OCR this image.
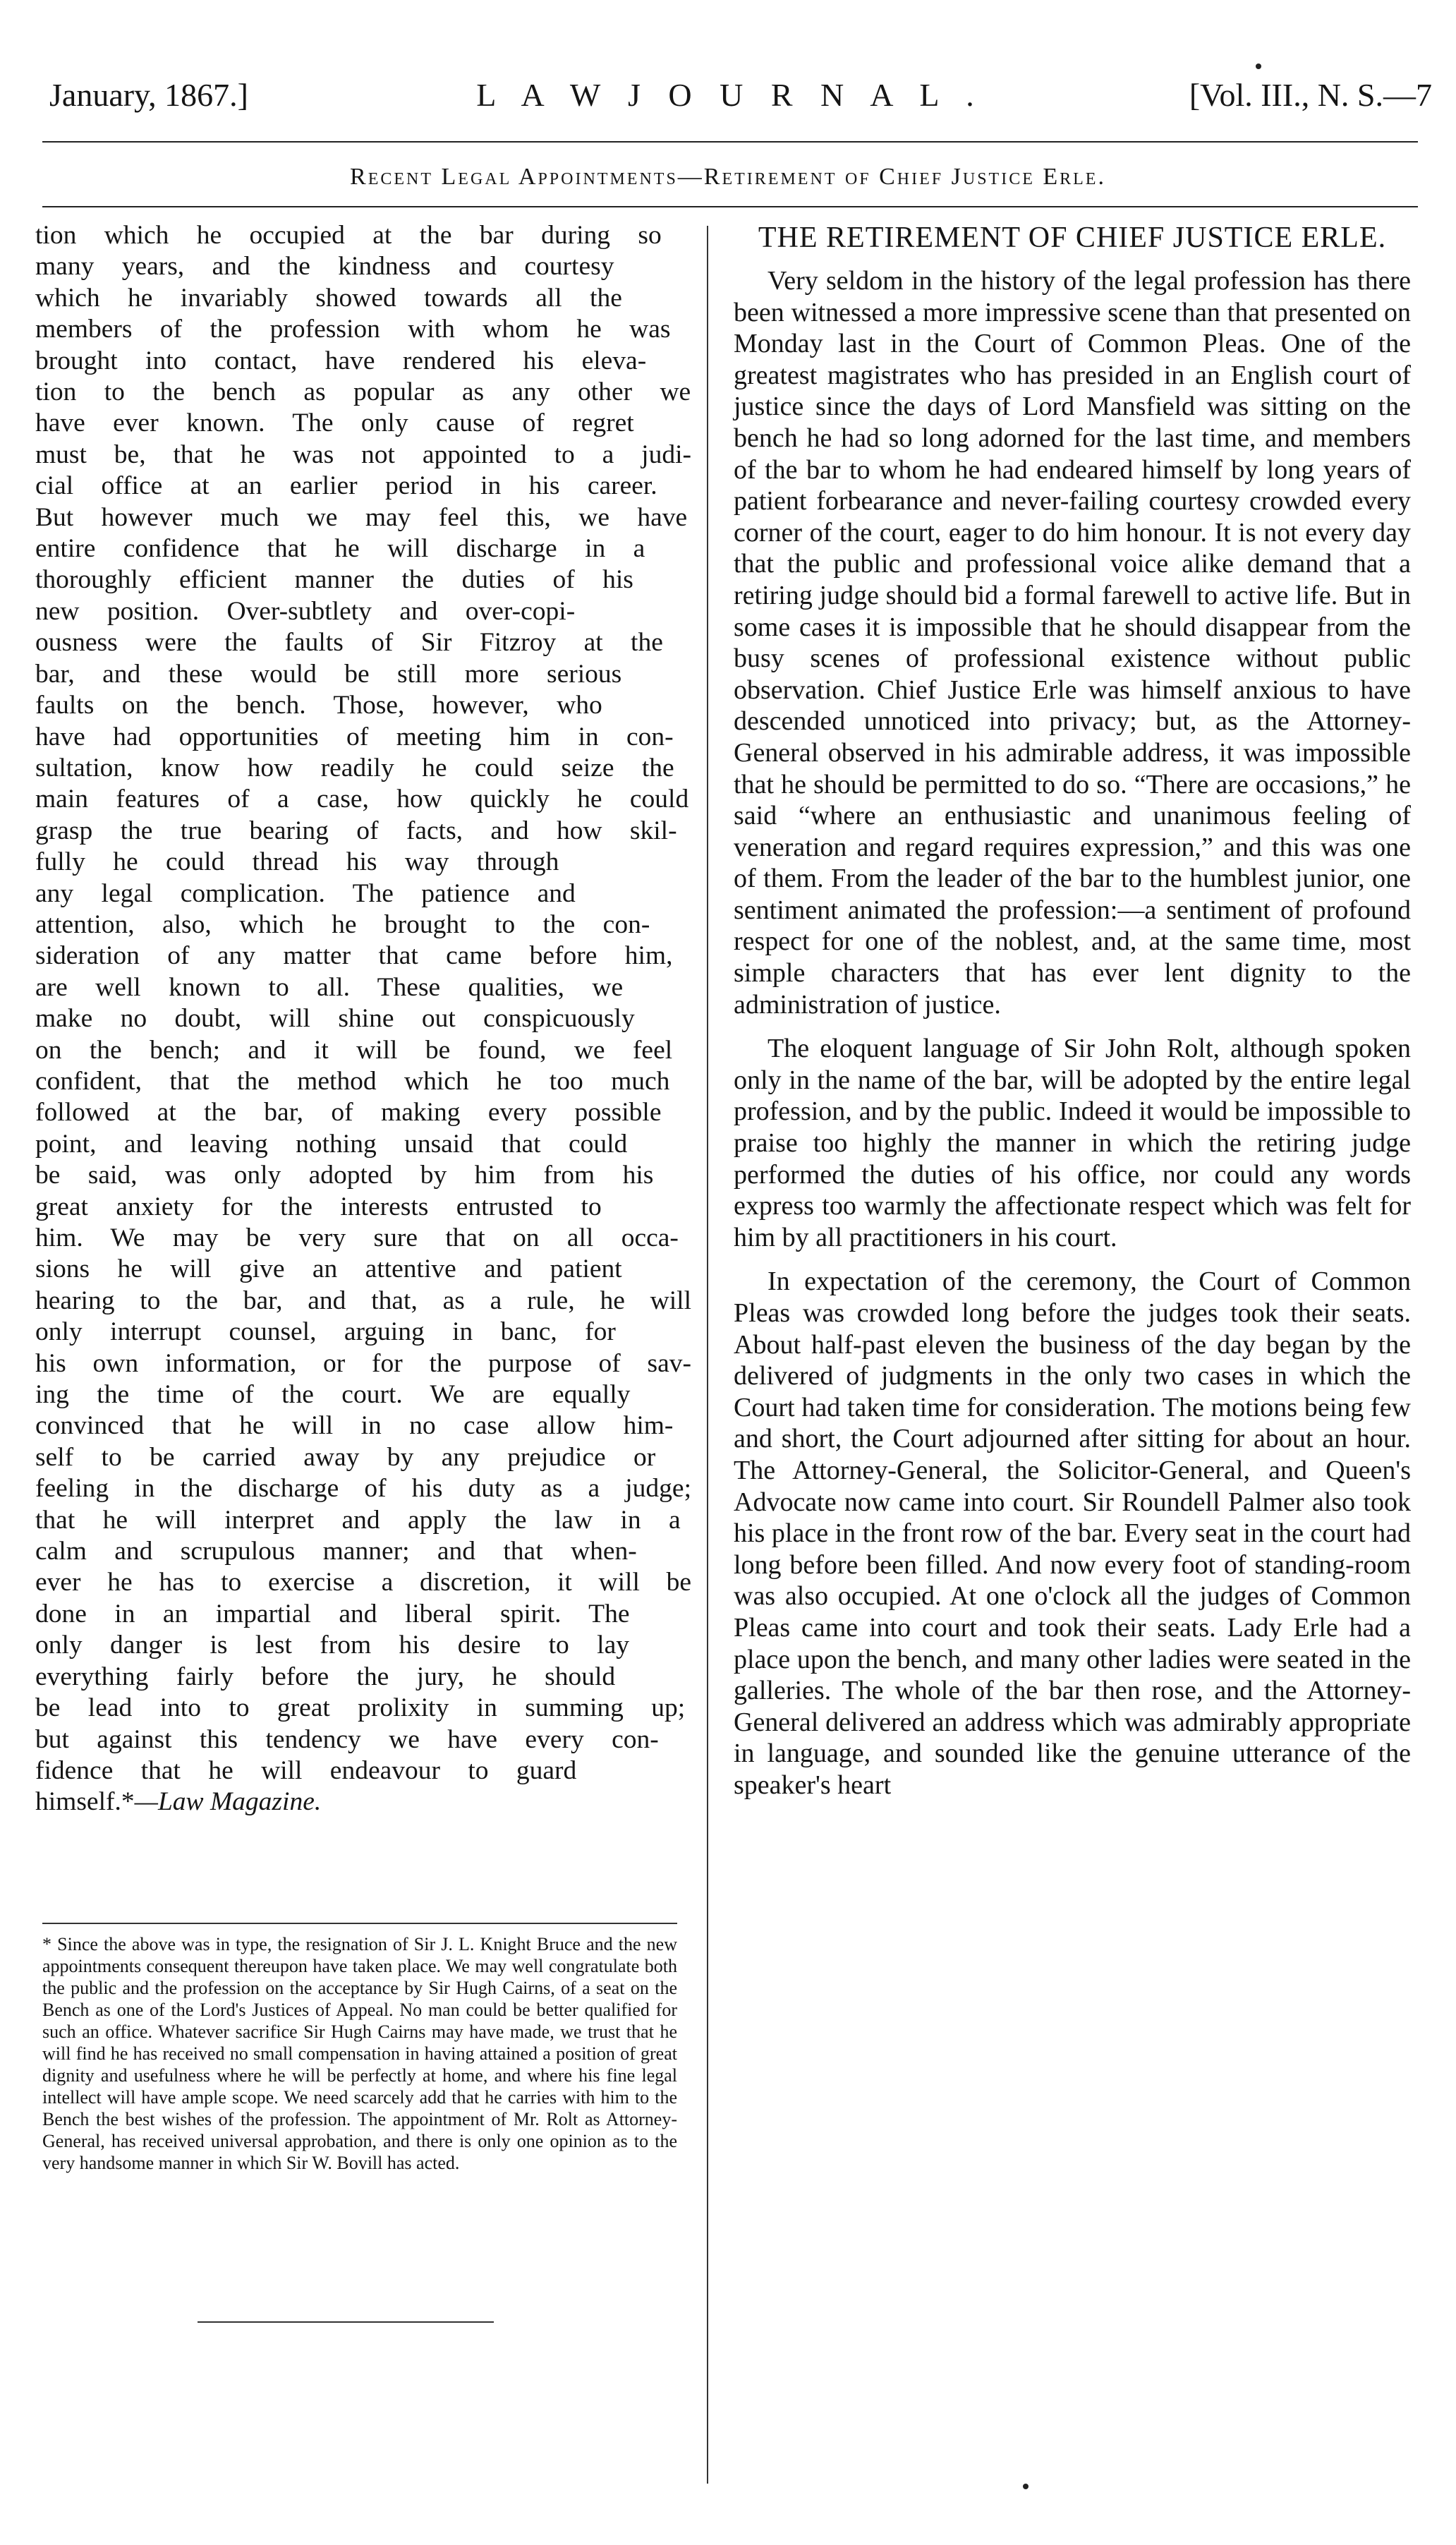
January, 1867.]	L A W J O U R N A L .	[Vol. III., N. S.—7
Recent Legal Appointments—Retirement of Chief Justice Erle.
tion which he occupied at the bar during so
many years, and the kindness and courtesy
which he invariably showed towards all the
members of the profession with whom he was
brought into contact, have rendered his eleva-
tion to the bench as popular as any other we
have ever known. The only cause of regret
must be, that he was not appointed to a judi-
cial office at an earlier period in his career.
But however much we may feel this, we have
entire confidence that he will discharge in a
thoroughly efficient manner the duties of his
new position. Over-subtlety and over-copi-
ousness were the faults of Sir Fitzroy at the
bar, and these would be still more serious
faults on the bench. Those, however, who
have had opportunities of meeting him in con-
sultation, know how readily he could seize the
main features of a case, how quickly he could
grasp the true bearing of facts, and how skil-
fully he could thread his way through
any legal complication. The patience and
attention, also, which he brought to the con-
sideration of any matter that came before him,
are well known to all. These qualities, we
make no doubt, will shine out conspicuously
on the bench; and it will be found, we feel
confident, that the method which he too much
followed at the bar, of making every possible
point, and leaving nothing unsaid that could
be said, was only adopted by him from his
great anxiety for the interests entrusted to
him. We may be very sure that on all occa-
sions he will give an attentive and patient
hearing to the bar, and that, as a rule, he will
only interrupt counsel, arguing in banc, for
his own information, or for the purpose of sav-
ing the time of the court. We are equally
convinced that he will in no case allow him-
self to be carried away by any prejudice or
feeling in the discharge of his duty as a judge;
that he will interpret and apply the law in a
calm and scrupulous manner; and that when-
ever he has to exercise a discretion, it will be
done in an impartial and liberal spirit. The
only danger is lest from his desire to lay
everything fairly before the jury, he should
be lead into to great prolixity in summing up;
but against this tendency we have every con-
fidence that he will endeavour to guard
himself.*—Law Magazine.
THE RETIREMENT OF CHIEF JUSTICE ERLE.

Very seldom in the history of the legal profession has there been witnessed a more impressive scene than that presented on Monday last in the Court of Common Pleas. One of the greatest magistrates who has presided in an English court of justice since the days of Lord Mansfield was sitting on the bench he had so long adorned for the last time, and members of the bar to whom he had endeared himself by long years of patient forbearance and never-failing courtesy crowded every corner of the court, eager to do him honour. It is not every day that the public and professional voice alike demand that a retiring judge should bid a formal farewell to active life. But in some cases it is impossible that he should disappear from the busy scenes of professional existence without public observation. Chief Justice Erle was himself anxious to have descended unnoticed into privacy; but, as the Attorney-General observed in his admirable address, it was impossible that he should be permitted to do so. “There are occasions,” he said “where an enthusiastic and unanimous feeling of veneration and regard requires expression,” and this was one of them. From the leader of the bar to the humblest junior, one sentiment animated the profession:—a sentiment of profound respect for one of the noblest, and, at the same time, most simple characters that has ever lent dignity to the administration of justice.

The eloquent language of Sir John Rolt, although spoken only in the name of the bar, will be adopted by the entire legal profession, and by the public. Indeed it would be impossible to praise too highly the manner in which the retiring judge performed the duties of his office, nor could any words express too warmly the affectionate respect which was felt for him by all practitioners in his court.

In expectation of the ceremony, the Court of Common Pleas was crowded long before the judges took their seats. About half-past eleven the business of the day began by the delivered of judgments in the only two cases in which the Court had taken time for consideration. The motions being few and short, the Court adjourned after sitting for about an hour. The Attorney-General, the Solicitor-General, and Queen's Advocate now came into court. Sir Roundell Palmer also took his place in the front row of the bar. Every seat in the court had long before been filled. And now every foot of standing-room was also occupied. At one o'clock all the judges of Common Pleas came into court and took their seats. Lady Erle had a place upon the bench, and many other ladies were seated in the galleries. The whole of the bar then rose, and the Attorney-General delivered an address which was admirably appropriate in language, and sounded like the genuine utterance of the speaker's heart

* Since the above was in type, the resignation of Sir J. L. Knight Bruce and the new appointments consequent thereupon have taken place. We may well congratulate both the public and the profession on the acceptance by Sir Hugh Cairns, of a seat on the Bench as one of the Lord's Justices of Appeal. No man could be better qualified for such an office. Whatever sacrifice Sir Hugh Cairns may have made, we trust that he will find he has received no small compensation in having attained a position of great dignity and usefulness where he will be perfectly at home, and where his fine legal intellect will have ample scope. We need scarcely add that he carries with him to the Bench the best wishes of the profession. The appointment of Mr. Rolt as Attorney-General, has received universal approbation, and there is only one opinion as to the very handsome manner in which Sir W. Bovill has acted.
